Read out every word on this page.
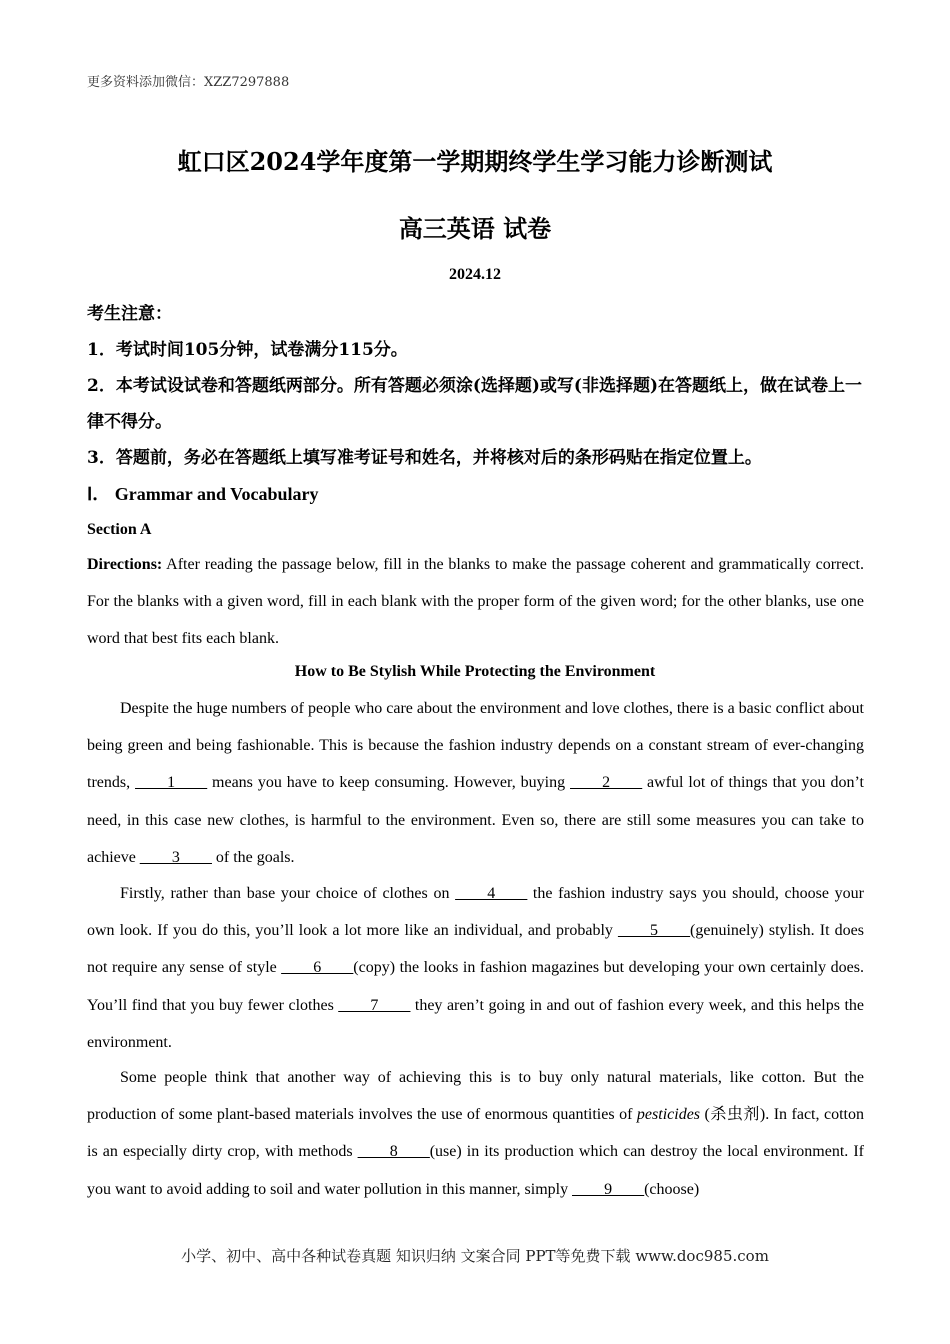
更多资料添加微信：XZZ7297888
虹口区2024学年度第一学期期终学生学习能力诊断测试
高三英语 试卷
2024.12
考生注意：
1．考试时间105分钟，试卷满分115分。
2．本考试设试卷和答题纸两部分。所有答题必须涂(选择题)或写(非选择题)在答题纸上，做在试卷上一律不得分。
3．答题前，务必在答题纸上填写准考证号和姓名，并将核对后的条形码贴在指定位置上。
Ⅰ． Grammar and Vocabulary
Section A
Directions: After reading the passage below, fill in the blanks to make the passage coherent and grammatically correct. For the blanks with a given word, fill in each blank with the proper form of the given word; for the other blanks, use one word that best fits each blank.
How to Be Stylish While Protecting the Environment
Despite the huge numbers of people who care about the environment and love clothes, there is a basic conflict about being green and being fashionable. This is because the fashion industry depends on a constant stream of ever-changing trends, ____1____ means you have to keep consuming. However, buying ____2____ awful lot of things that you don’t need, in this case new clothes, is harmful to the environment. Even so, there are still some measures you can take to achieve ____3____ of the goals.
Firstly, rather than base your choice of clothes on ____4____ the fashion industry says you should, choose your own look. If you do this, you’ll look a lot more like an individual, and probably ____5____(genuinely) stylish. It does not require any sense of style ____6____(copy) the looks in fashion magazines but developing your own certainly does. You’ll find that you buy fewer clothes ____7____ they aren’t going in and out of fashion every week, and this helps the environment.
Some people think that another way of achieving this is to buy only natural materials, like cotton. But the production of some plant-based materials involves the use of enormous quantities of pesticides (杀虫剂). In fact, cotton is an especially dirty crop, with methods ____8____(use) in its production which can destroy the local environment. If you want to avoid adding to soil and water pollution in this manner, simply ____9____(choose)
小学、初中、高中各种试卷真题 知识归纳 文案合同 PPT等免费下载 www.doc985.com
